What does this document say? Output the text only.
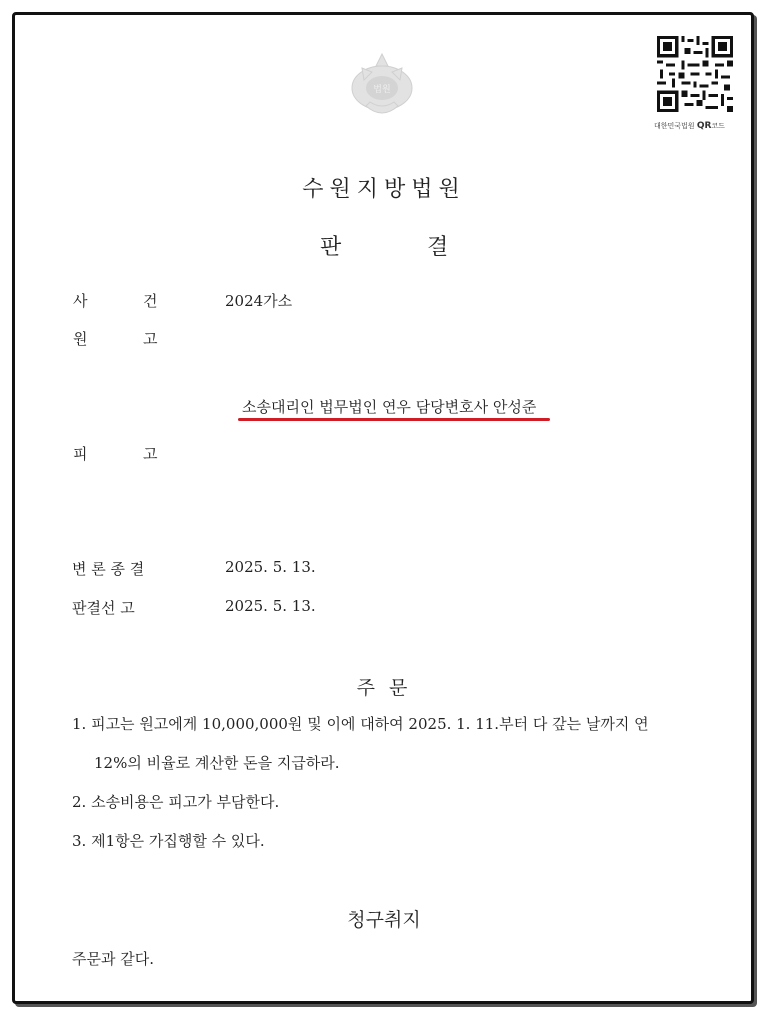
법원
대한민국법원 QR코드
수원지방법원
판	결
사	건	2024가소
원	고
소송대리인 법무법인 연우 담당변호사 안성준
피	고
변 론 종 결	2025. 5. 13.
판결선 고	2025. 5. 13.
주 문
1. 피고는 원고에게 10,000,000원 및 이에 대하여 2025. 1. 11.부터 다 갚는 날까지 연
12%의 비율로 계산한 돈을 지급하라.
2. 소송비용은 피고가 부담한다.
3. 제1항은 가집행할 수 있다.
청구취지
주문과 같다.
